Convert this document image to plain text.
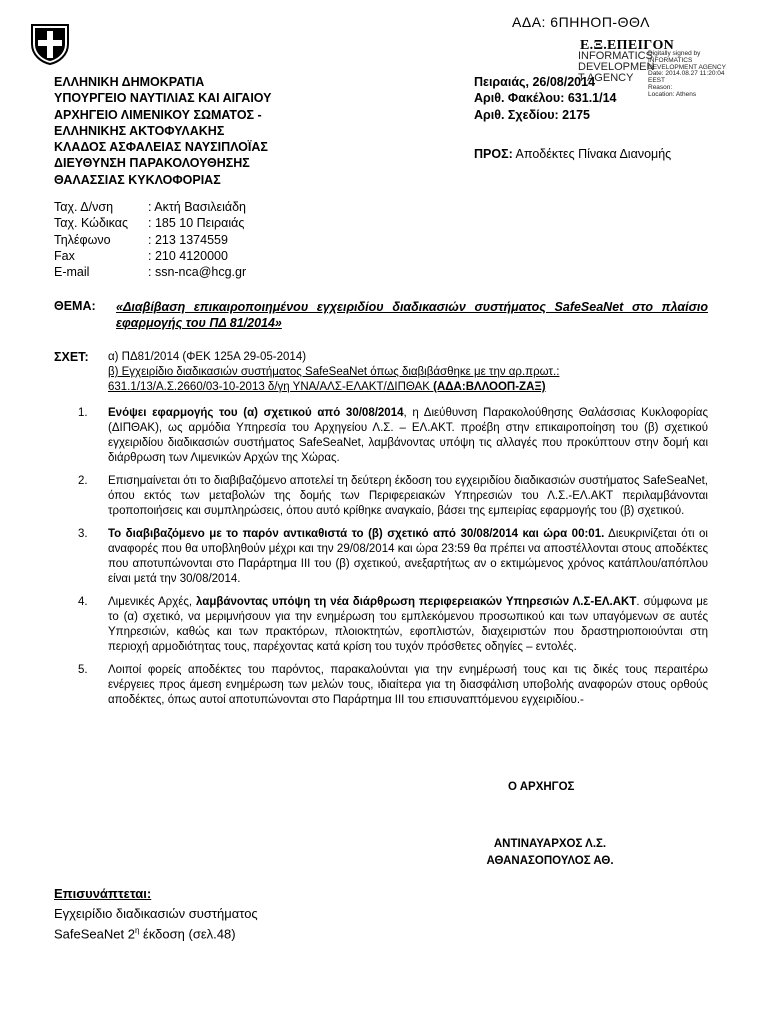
ΑΔΑ: 6ΠΗΗΟΠ-ΘΘΛ
Ε.Ξ.ΕΠΕΙΓΟΝ
INFORMATICS
DEVELOPMEN
T AGENCY
Digitally signed by
INFORMATICS
DEVELOPMENT AGENCY
Date: 2014.08.27 11:20:04
EEST
Reason:
Location: Athens
ΕΛΛΗΝΙΚΗ ΔΗΜΟΚΡΑΤΙΑ
ΥΠΟΥΡΓΕΙΟ ΝΑΥΤΙΛΙΑΣ ΚΑΙ ΑΙΓΑΙΟΥ
ΑΡΧΗΓΕΙΟ ΛΙΜΕΝΙΚΟΥ ΣΩΜΑΤΟΣ -
ΕΛΛΗΝΙΚΗΣ ΑΚΤΟΦΥΛΑΚΗΣ
ΚΛΑΔΟΣ ΑΣΦΑΛΕΙΑΣ ΝΑΥΣΙΠΛΟΪΑΣ
ΔΙΕΥΘΥΝΣΗ ΠΑΡΑΚΟΛΟΥΘΗΣΗΣ
ΘΑΛΑΣΣΙΑΣ ΚΥΚΛΟΦΟΡΙΑΣ
Ταχ. Δ/νση	: Ακτή Βασιλειάδη
Ταχ. Κώδικας	: 185 10 Πειραιάς
Τηλέφωνο	: 213 1374559
Fax	: 210 4120000
E-mail	: ssn-nca@hcg.gr
Πειραιάς, 26/08/2014
Αριθ. Φακέλου: 631.1/14
Αριθ. Σχεδίου: 2175
ΠΡΟΣ: Αποδέκτες Πίνακα Διανομής
ΘΕΜΑ: «Διαβίβαση επικαιροποιημένου εγχειριδίου διαδικασιών συστήματος SafeSeaNet στο πλαίσιο εφαρμογής του ΠΔ 81/2014»
ΣΧΕΤ: α) ΠΔ81/2014 (ΦΕΚ 125Α 29-05-2014)
β) Εγχειρίδιο διαδικασιών συστήματος SafeSeaNet όπως διαβιβάσθηκε με την αρ.πρωτ.:
631.1/13/Α.Σ.2660/03-10-2013 δ/γη ΥΝΑ/ΑΛΣ-ΕΛΑΚΤ/ΔΙΠΘΑΚ (ΑΔΑ:ΒΛΛΟΟΠ-ΖΑΞ)
1.	Ενόψει εφαρμογής του (α) σχετικού από 30/08/2014, η Διεύθυνση Παρακολούθησης Θαλάσσιας Κυκλοφορίας (ΔΙΠΘΑΚ), ως αρμόδια Υπηρεσία του Αρχηγείου Λ.Σ. – ΕΛ.ΑΚΤ. προέβη στην επικαιροποίηση του (β) σχετικού εγχειριδίου διαδικασιών συστήματος SafeSeaNet, λαμβάνοντας υπόψη τις αλλαγές που προκύπτουν στην δομή και διάρθρωση των Λιμενικών Αρχών της Χώρας.
2.	Επισημαίνεται ότι το διαβιβαζόμενο αποτελεί τη δεύτερη έκδοση του εγχειριδίου διαδικασιών συστήματος SafeSeaNet, όπου εκτός των μεταβολών της δομής των Περιφερειακών Υπηρεσιών του Λ.Σ.-ΕΛ.ΑΚΤ περιλαμβάνονται τροποποιήσεις και συμπληρώσεις, όπου αυτό κρίθηκε αναγκαίο, βάσει της εμπειρίας εφαρμογής του (β) σχετικού.
3.	Το διαβιβαζόμενο με το παρόν αντικαθιστά το (β) σχετικό από 30/08/2014 και ώρα 00:01. Διευκρινίζεται ότι οι αναφορές που θα υποβληθούν μέχρι και την 29/08/2014 και ώρα 23:59 θα πρέπει να αποστέλλονται στους αποδέκτες που αποτυπώνονται στο Παράρτημα ΙΙΙ του (β) σχετικού, ανεξαρτήτως αν ο εκτιμώμενος χρόνος κατάπλου/απόπλου είναι μετά την 30/08/2014.
4.	Λιμενικές Αρχές, λαμβάνοντας υπόψη τη νέα διάρθρωση περιφερειακών Υπηρεσιών Λ.Σ-ΕΛ.ΑΚΤ. σύμφωνα με το (α) σχετικό, να μεριμνήσουν για την ενημέρωση του εμπλεκόμενου προσωπικού και των υπαγόμενων σε αυτές Υπηρεσιών, καθώς και των πρακτόρων, πλοιοκτητών, εφοπλιστών, διαχειριστών που δραστηριοποιούνται στη περιοχή αρμοδιότητας τους, παρέχοντας κατά κρίση του τυχόν πρόσθετες οδηγίες – εντολές.
5.	Λοιποί φορείς αποδέκτες του παρόντος, παρακαλούνται για την ενημέρωσή τους και τις δικές τους περαιτέρω ενέργειες προς άμεση ενημέρωση των μελών τους, ιδιαίτερα για τη διασφάλιση υποβολής αναφορών στους ορθούς αποδέκτες, όπως αυτοί αποτυπώνονται στο Παράρτημα ΙΙΙ του επισυναπτόμενου εγχειριδίου.-
Ο ΑΡΧΗΓΟΣ
ΑΝΤΙΝΑΥΑΡΧΟΣ Λ.Σ.
ΑΘΑΝΑΣΟΠΟΥΛΟΣ ΑΘ.
Επισυνάπτεται:
Εγχειρίδιο διαδικασιών συστήματος
SafeSeaNet $2^\eta$ έκδοση (σελ.48)
